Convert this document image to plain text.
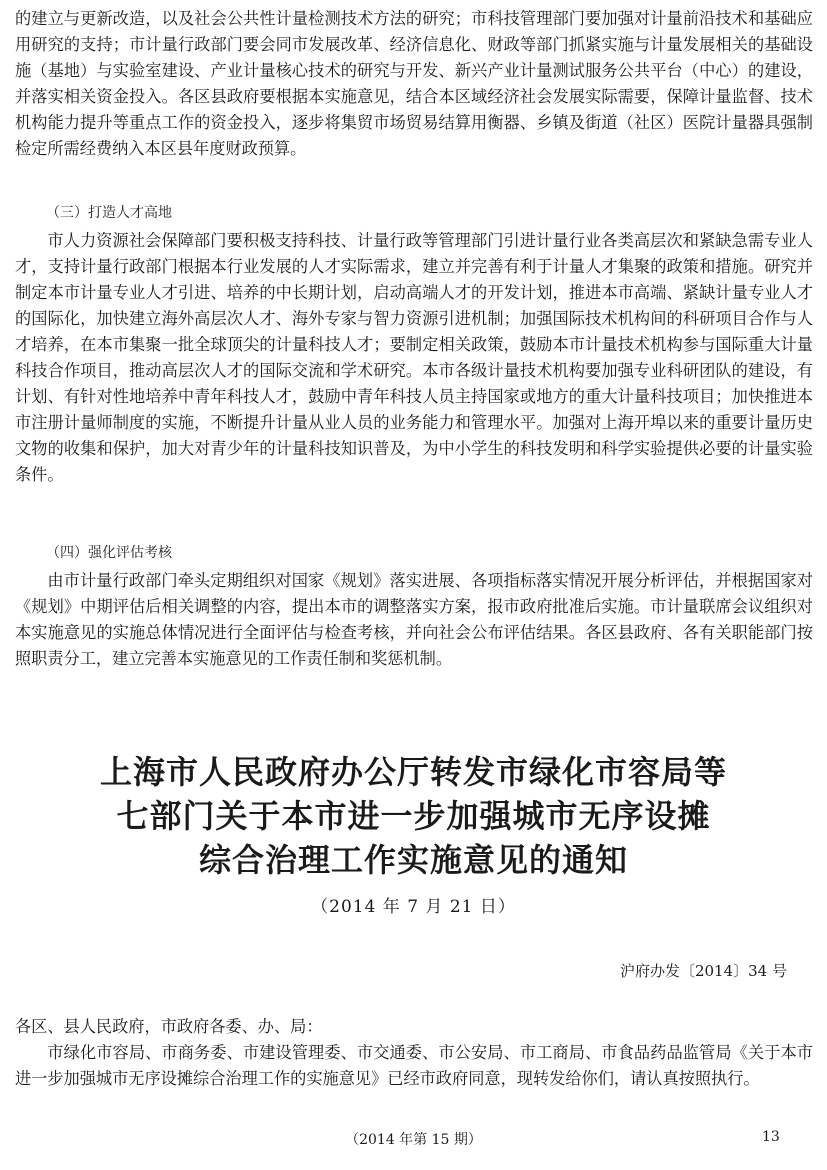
的建立与更新改造，以及社会公共性计量检测技术方法的研究；市科技管理部门要加强对计量前沿技术和基础应用研究的支持；市计量行政部门要会同市发展改革、经济信息化、财政等部门抓紧实施与计量发展相关的基础设施（基地）与实验室建设、产业计量核心技术的研究与开发、新兴产业计量测试服务公共平台（中心）的建设，并落实相关资金投入。各区县政府要根据本实施意见，结合本区域经济社会发展实际需要，保障计量监督、技术机构能力提升等重点工作的资金投入，逐步将集贸市场贸易结算用衡器、乡镇及街道（社区）医院计量器具强制检定所需经费纳入本区县年度财政预算。

（三）打造人才高地

市人力资源社会保障部门要积极支持科技、计量行政等管理部门引进计量行业各类高层次和紧缺急需专业人才，支持计量行政部门根据本行业发展的人才实际需求，建立并完善有利于计量人才集聚的政策和措施。研究并制定本市计量专业人才引进、培养的中长期计划，启动高端人才的开发计划，推进本市高端、紧缺计量专业人才的国际化，加快建立海外高层次人才、海外专家与智力资源引进机制；加强国际技术机构间的科研项目合作与人才培养，在本市集聚一批全球顶尖的计量科技人才；要制定相关政策，鼓励本市计量技术机构参与国际重大计量科技合作项目，推动高层次人才的国际交流和学术研究。本市各级计量技术机构要加强专业科研团队的建设，有计划、有针对性地培养中青年科技人才，鼓励中青年科技人员主持国家或地方的重大计量科技项目；加快推进本市注册计量师制度的实施，不断提升计量从业人员的业务能力和管理水平。加强对上海开埠以来的重要计量历史文物的收集和保护，加大对青少年的计量科技知识普及，为中小学生的科技发明和科学实验提供必要的计量实验条件。

（四）强化评估考核

由市计量行政部门牵头定期组织对国家《规划》落实进展、各项指标落实情况开展分析评估，并根据国家对《规划》中期评估后相关调整的内容，提出本市的调整落实方案，报市政府批准后实施。市计量联席会议组织对本实施意见的实施总体情况进行全面评估与检查考核，并向社会公布评估结果。各区县政府、各有关职能部门按照职责分工，建立完善本实施意见的工作责任制和奖惩机制。

上海市人民政府办公厅转发市绿化市容局等
七部门关于本市进一步加强城市无序设摊
综合治理工作实施意见的通知
（2014 年 7 月 21 日）
沪府办发〔2014〕34 号
各区、县人民政府，市政府各委、办、局：

市绿化市容局、市商务委、市建设管理委、市交通委、市公安局、市工商局、市食品药品监管局《关于本市进一步加强城市无序设摊综合治理工作的实施意见》已经市政府同意，现转发给你们，请认真按照执行。

（2014 年第 15 期）	13
